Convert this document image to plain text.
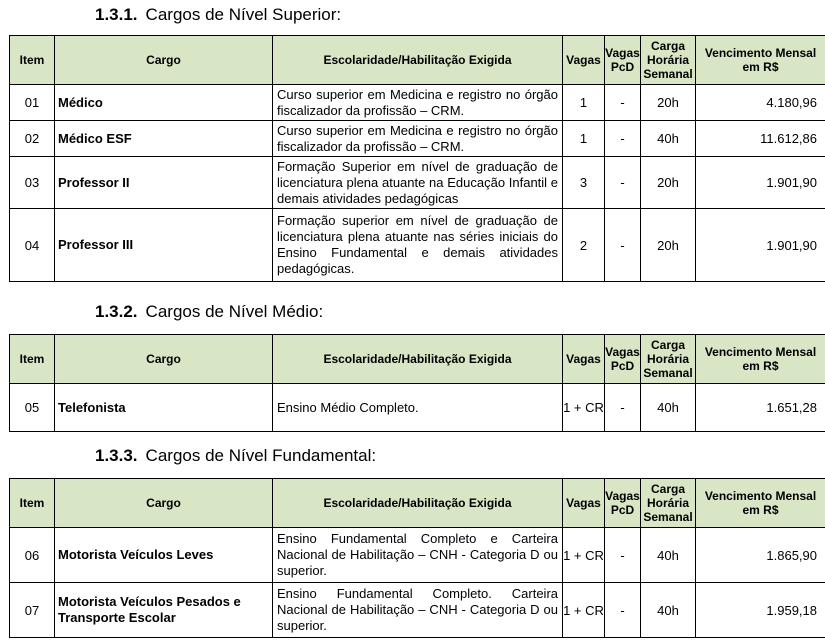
1.3.1. Cargos de Nível Superior:
Item	Cargo	Escolaridade/Habilitação Exigida	Vagas	Vagas PcD	Carga Horária Semanal	Vencimento Mensal em R$
01	Médico	Curso superior em Medicina e registro no órgão fiscalizador da profissão – CRM.	1	-	20h	4.180,96
02	Médico ESF	Curso superior em Medicina e registro no órgão fiscalizador da profissão – CRM.	1	-	40h	11.612,86
03	Professor II	Formação Superior em nível de graduação de licenciatura plena atuante na Educação Infantil e demais atividades pedagógicas	3	-	20h	1.901,90
04	Professor III	Formação superior em nível de graduação de licenciatura plena atuante nas séries iniciais do Ensino Fundamental e demais atividades pedagógicas.	2	-	20h	1.901,90
1.3.2. Cargos de Nível Médio:
Item	Cargo	Escolaridade/Habilitação Exigida	Vagas	Vagas PcD	Carga Horária Semanal	Vencimento Mensal em R$
05	Telefonista	Ensino Médio Completo.	1 + CR	-	40h	1.651,28
1.3.3. Cargos de Nível Fundamental:
Item	Cargo	Escolaridade/Habilitação Exigida	Vagas	Vagas PcD	Carga Horária Semanal	Vencimento Mensal em R$
06	Motorista Veículos Leves	Ensino Fundamental Completo e Carteira Nacional de Habilitação – CNH - Categoria D ou superior.	1 + CR	-	40h	1.865,90
07	Motorista Veículos Pesados e Transporte Escolar	Ensino Fundamental Completo. Carteira Nacional de Habilitação – CNH - Categoria D ou superior.	1 + CR	-	40h	1.959,18
